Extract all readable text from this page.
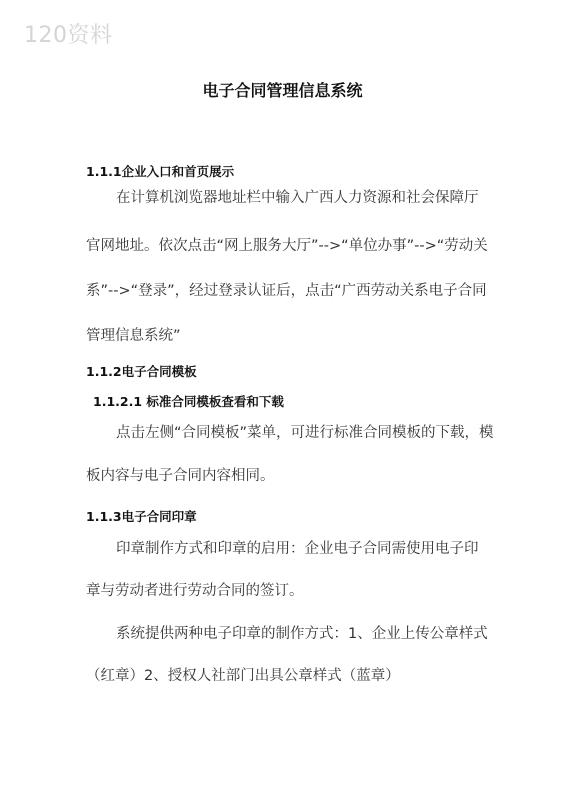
120资料
电子合同管理信息系统
1.1.1企业入口和首页展示
在计算机浏览器地址栏中输入广西人力资源和社会保障厅
官网地址。依次点击“网上服务大厅”-->“单位办事”-->“劳动关
系”-->“登录”，经过登录认证后，点击“广西劳动关系电子合同
管理信息系统”
1.1.2电子合同模板
1.1.2.1 标准合同模板查看和下载
点击左侧“合同模板”菜单，可进行标准合同模板的下载，模
板内容与电子合同内容相同。
1.1.3电子合同印章
印章制作方式和印章的启用：企业电子合同需使用电子印
章与劳动者进行劳动合同的签订。
系统提供两种电子印章的制作方式：1、企业上传公章样式
（红章）2、授权人社部门出具公章样式（蓝章）
